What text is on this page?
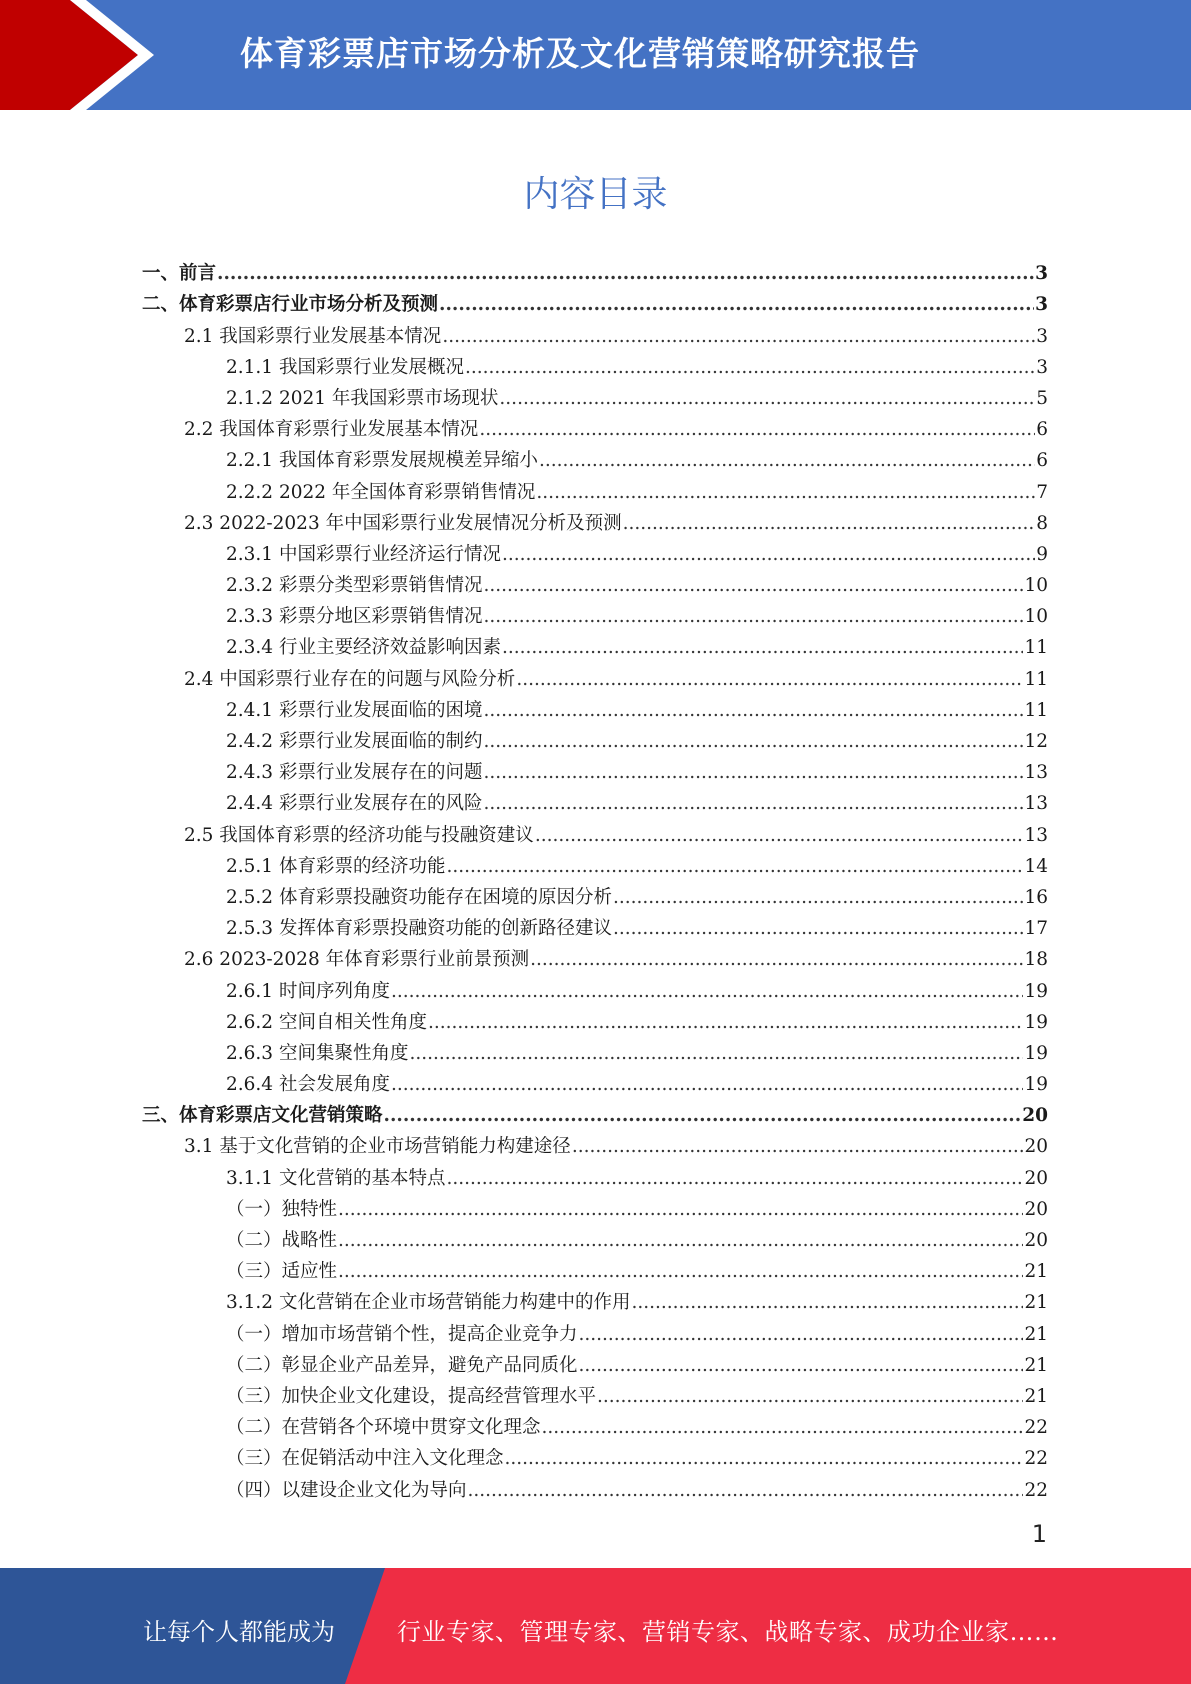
体育彩票店市场分析及文化营销策略研究报告
内容目录
一、前言 .....	3
二、体育彩票店行业市场分析及预测 .....	3
2.1 我国彩票行业发展基本情况 .....	3
2.1.1 我国彩票行业发展概况 .....	3
2.1.2 2021 年我国彩票市场现状 .....	5
2.2 我国体育彩票行业发展基本情况 .....	6
2.2.1 我国体育彩票发展规模差异缩小 .....	6
2.2.2 2022 年全国体育彩票销售情况 .....	7
2.3 2022-2023 年中国彩票行业发展情况分析及预测 .....	8
2.3.1 中国彩票行业经济运行情况 .....	9
2.3.2 彩票分类型彩票销售情况 .....	10
2.3.3 彩票分地区彩票销售情况 .....	10
2.3.4 行业主要经济效益影响因素 .....	11
2.4 中国彩票行业存在的问题与风险分析 .....	11
2.4.1 彩票行业发展面临的困境 .....	11
2.4.2 彩票行业发展面临的制约 .....	12
2.4.3 彩票行业发展存在的问题 .....	13
2.4.4 彩票行业发展存在的风险 .....	13
2.5 我国体育彩票的经济功能与投融资建议 .....	13
2.5.1 体育彩票的经济功能 .....	14
2.5.2 体育彩票投融资功能存在困境的原因分析 .....	16
2.5.3 发挥体育彩票投融资功能的创新路径建议 .....	17
2.6 2023-2028 年体育彩票行业前景预测 .....	18
2.6.1 时间序列角度 .....	19
2.6.2 空间自相关性角度 .....	19
2.6.3 空间集聚性角度 .....	19
2.6.4 社会发展角度 .....	19
三、体育彩票店文化营销策略 .....	20
3.1 基于文化营销的企业市场营销能力构建途径 .....	20
3.1.1 文化营销的基本特点 .....	20
（一）独特性 .....	20
（二）战略性 .....	20
（三）适应性 .....	21
3.1.2 文化营销在企业市场营销能力构建中的作用 .....	21
（一）增加市场营销个性，提高企业竞争力 .....	21
（二）彰显企业产品差异，避免产品同质化 .....	21
（三）加快企业文化建设，提高经营管理水平 .....	21
（二）在营销各个环境中贯穿文化理念 .....	22
（三）在促销活动中注入文化理念 .....	22
（四）以建设企业文化为导向 .....	22
1
让每个人都能成为	行业专家、管理专家、营销专家、战略专家、成功企业家……
